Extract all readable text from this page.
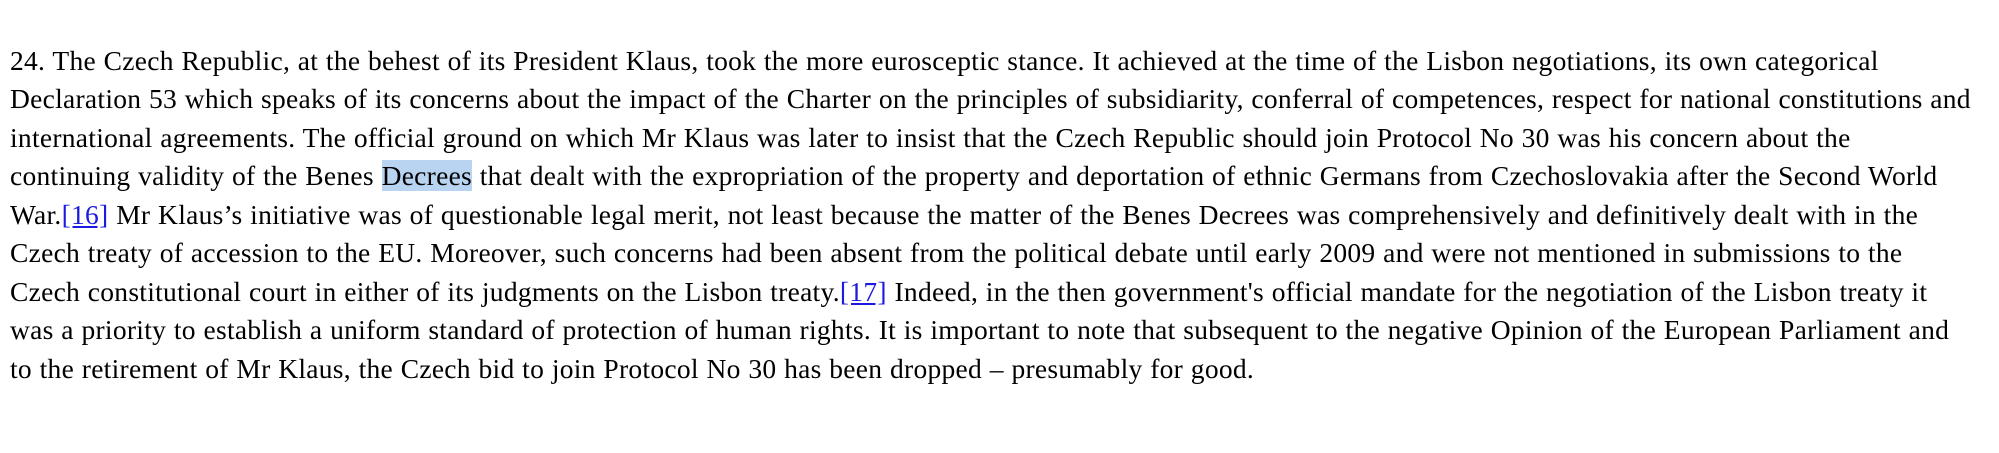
24. The Czech Republic, at the behest of its President Klaus, took the more eurosceptic stance. It achieved at the time of the Lisbon negotiations, its own categorical Declaration 53 which speaks of its concerns about the impact of the Charter on the principles of subsidiarity, conferral of competences, respect for national constitutions and international agreements. The official ground on which Mr Klaus was later to insist that the Czech Republic should join Protocol No 30 was his concern about the continuing validity of the Benes Decrees that dealt with the expropriation of the property and deportation of ethnic Germans from Czechoslovakia after the Second World War.[16] Mr Klaus’s initiative was of questionable legal merit, not least because the matter of the Benes Decrees was comprehensively and definitively dealt with in the Czech treaty of accession to the EU. Moreover, such concerns had been absent from the political debate until early 2009 and were not mentioned in submissions to the Czech constitutional court in either of its judgments on the Lisbon treaty.[17] Indeed, in the then government's official mandate for the negotiation of the Lisbon treaty it was a priority to establish a uniform standard of protection of human rights. It is important to note that subsequent to the negative Opinion of the European Parliament and to the retirement of Mr Klaus, the Czech bid to join Protocol No 30 has been dropped – presumably for good.
